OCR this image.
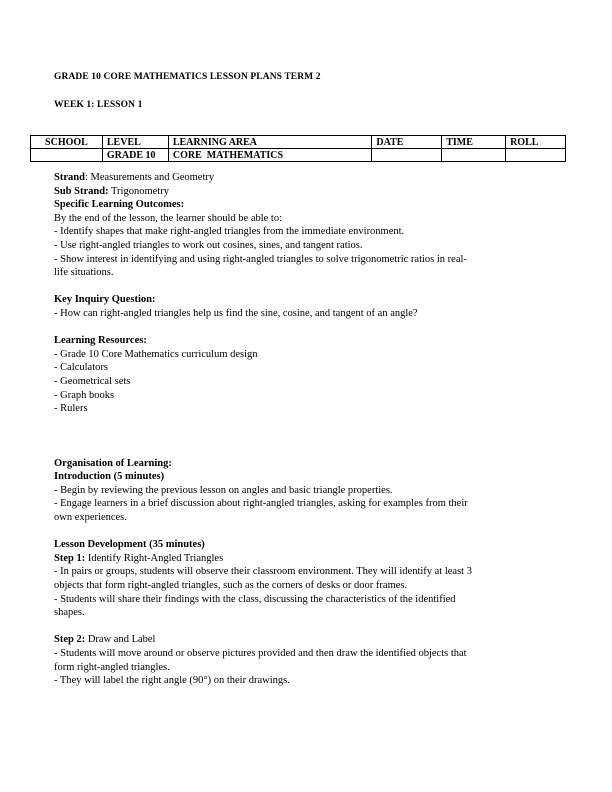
GRADE 10 CORE MATHEMATICS LESSON PLANS TERM 2
WEEK 1: LESSON 1
SCHOOL	LEVEL	LEARNING AREA	DATE	TIME	ROLL
	GRADE 10	CORE  MATHEMATICS			

Strand: Measurements and Geometry

Sub Strand: Trigonometry

Specific Learning Outcomes:

By the end of the lesson, the learner should be able to:

- Identify shapes that make right-angled triangles from the immediate environment.

- Use right-angled triangles to work out cosines, sines, and tangent ratios.

- Show interest in identifying and using right-angled triangles to solve trigonometric ratios in real-

life situations.

Key Inquiry Question:

- How can right-angled triangles help us find the sine, cosine, and tangent of an angle?

Learning Resources:

- Grade 10 Core Mathematics curriculum design

- Calculators

- Geometrical sets

- Graph books

- Rulers

Organisation of Learning:

Introduction (5 minutes)

- Begin by reviewing the previous lesson on angles and basic triangle properties.

- Engage learners in a brief discussion about right-angled triangles, asking for examples from their

own experiences.

Lesson Development (35 minutes)

Step 1: Identify Right-Angled Triangles

- In pairs or groups, students will observe their classroom environment. They will identify at least 3

objects that form right-angled triangles, such as the corners of desks or door frames.

- Students will share their findings with the class, discussing the characteristics of the identified

shapes.

Step 2: Draw and Label

- Students will move around or observe pictures provided and then draw the identified objects that

form right-angled triangles.

- They will label the right angle (90°) on their drawings.
